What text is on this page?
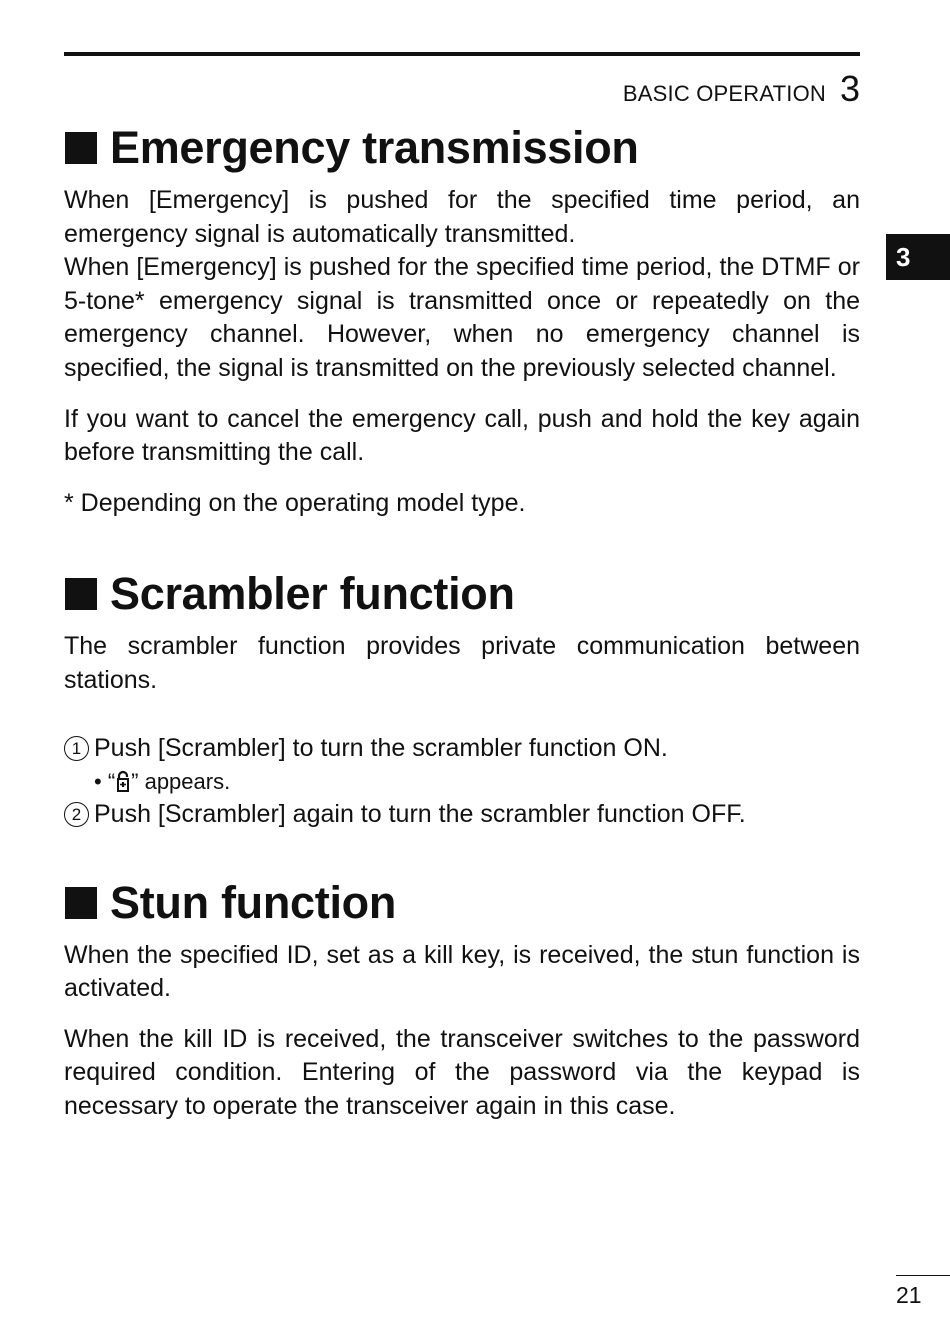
BASIC OPERATION 3
3
Emergency transmission

When [Emergency] is pushed for the specified time period, an emergency signal is automatically transmitted.

When [Emergency] is pushed for the specified time period, the DTMF or 5-tone* emergency signal is transmitted once or repeatedly on the emergency channel. However, when no emergency channel is specified, the signal is transmitted on the previously selected channel.

If you want to cancel the emergency call, push and hold the key again before transmitting the call.

* Depending on the operating model type.

Scrambler function

The scrambler function provides private communication between stations.

1 Push [Scrambler] to turn the scrambler function ON.
• “ ” appears.
2 Push [Scrambler] again to turn the scrambler function OFF.
Stun function

When the specified ID, set as a kill key, is received, the stun function is activated.

When the kill ID is received, the transceiver switches to the password required condition. Entering of the password via the keypad is necessary to operate the transceiver again in this case.

21
